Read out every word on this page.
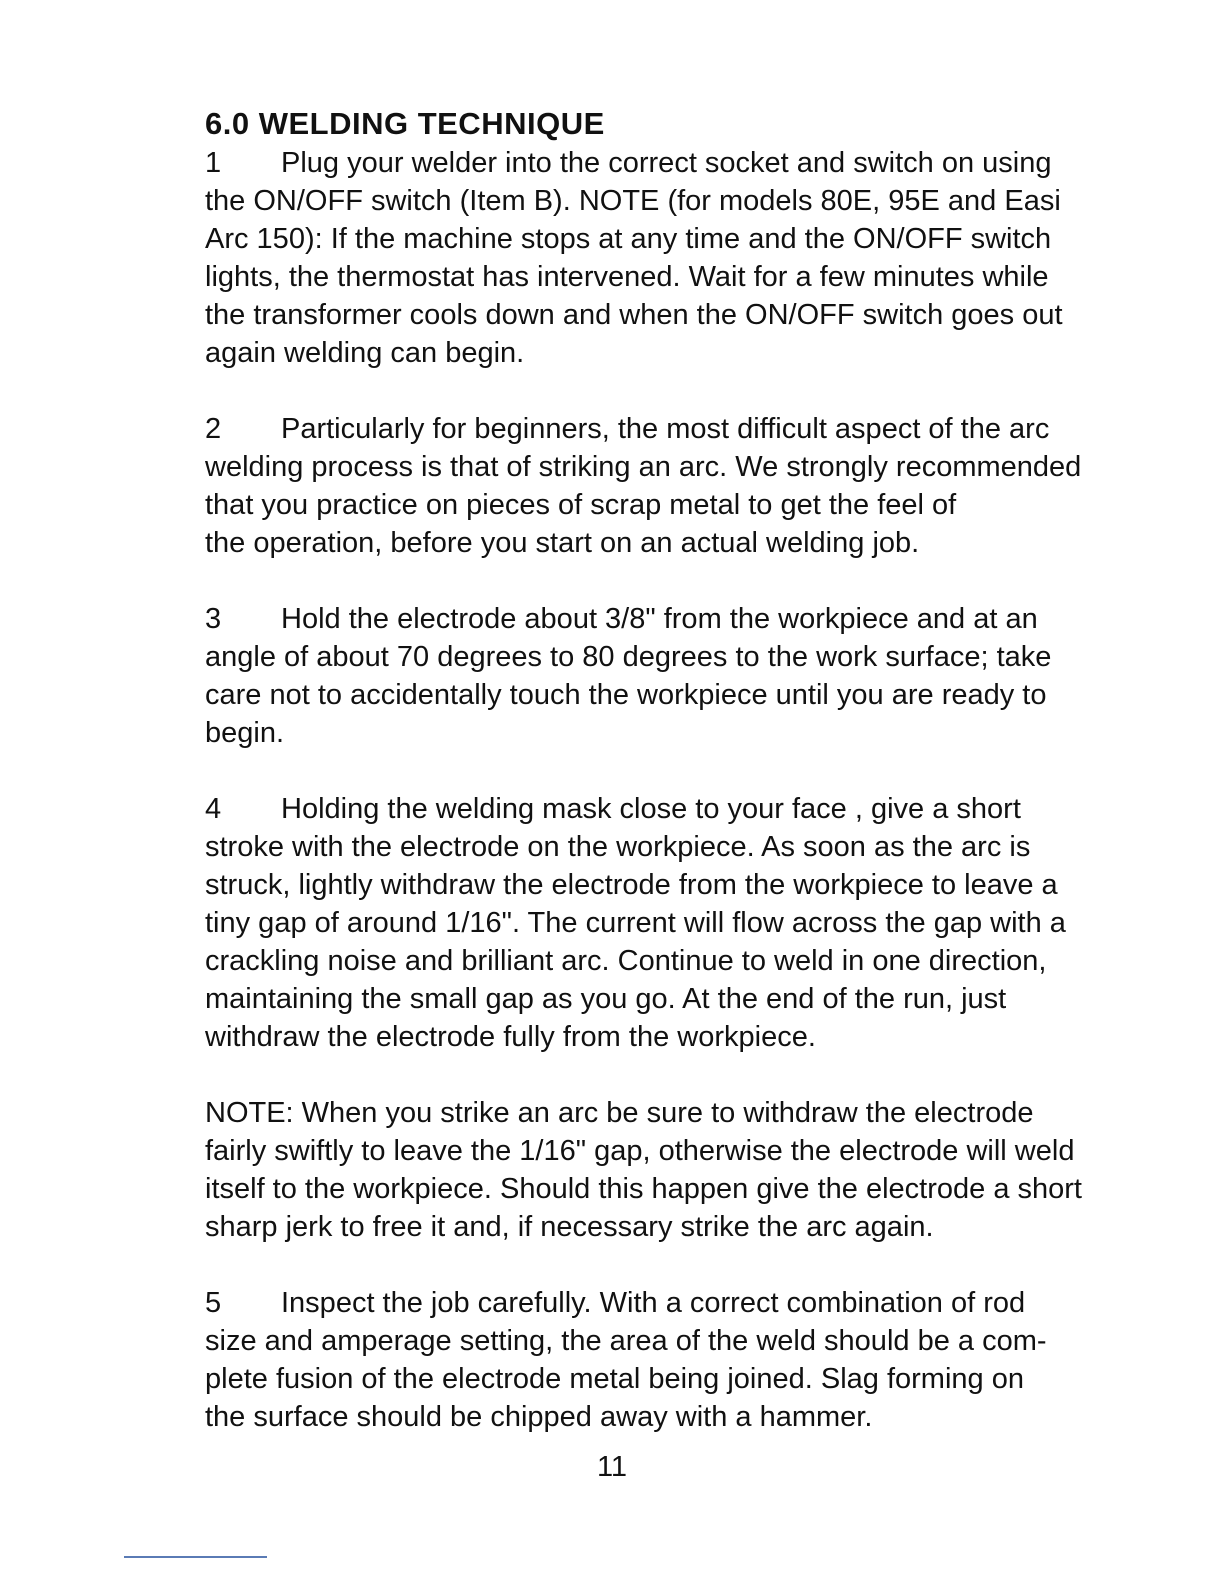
6.0 WELDING TECHNIQUE
1 Plug your welder into the correct socket and switch on using
the ON/OFF switch (Item B). NOTE (for models 80E, 95E and Easi
Arc 150): If the machine stops at any time and the ON/OFF switch
lights, the thermostat has intervened. Wait for a few minutes while
the transformer cools down and when the ON/OFF switch goes out
again welding can begin.
2 Particularly for beginners, the most difficult aspect of the arc
welding process is that of striking an arc. We strongly recommended
that you practice on pieces of scrap metal to get the feel of
the operation, before you start on an actual welding job.
3 Hold the electrode about 3/8" from the workpiece and at an
angle of about 70 degrees to 80 degrees to the work surface; take
care not to accidentally touch the workpiece until you are ready to
begin.
4 Holding the welding mask close to your face , give a short
stroke with the electrode on the workpiece. As soon as the arc is
struck, lightly withdraw the electrode from the workpiece to leave a
tiny gap of around 1/16". The current will flow across the gap with a
crackling noise and brilliant arc. Continue to weld in one direction,
maintaining the small gap as you go. At the end of the run, just
withdraw the electrode fully from the workpiece.
NOTE: When you strike an arc be sure to withdraw the electrode
fairly swiftly to leave the 1/16" gap, otherwise the electrode will weld
itself to the workpiece. Should this happen give the electrode a short
sharp jerk to free it and, if necessary strike the arc again.
5 Inspect the job carefully. With a correct combination of rod
size and amperage setting, the area of the weld should be a com-
plete fusion of the electrode metal being joined. Slag forming on
the surface should be chipped away with a hammer.
11
